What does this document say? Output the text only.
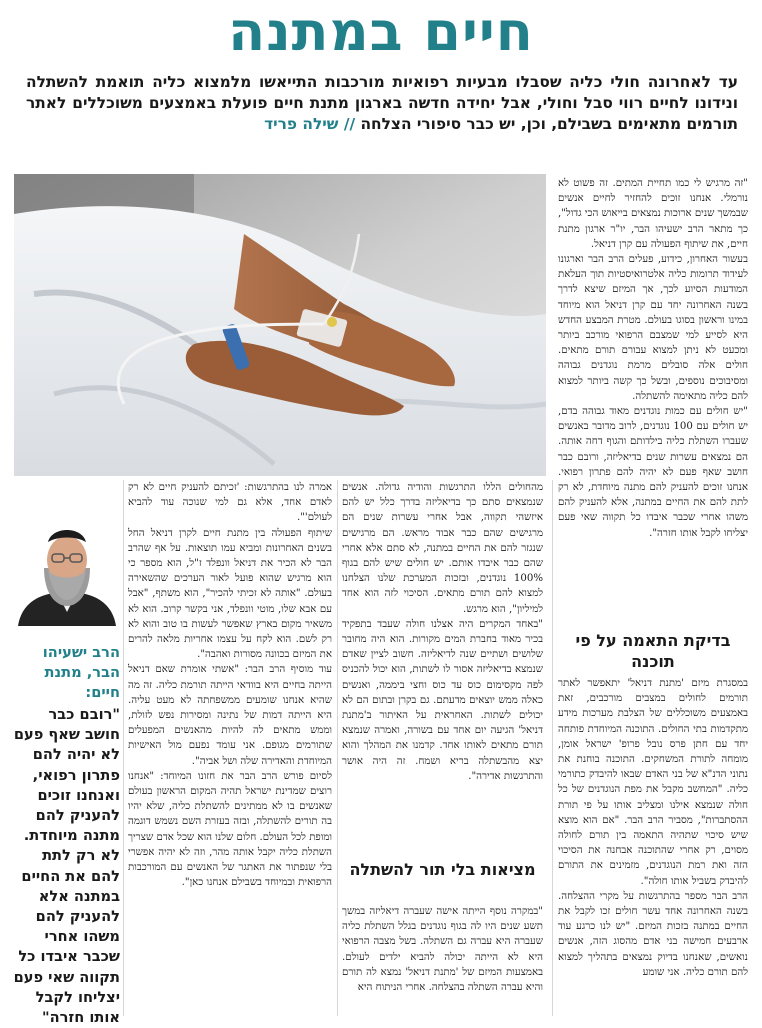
חיים במתנה
עד לאחרונה חולי כליה שסבלו מבעיות רפואיות מורכבות התייאשו מלמצוא כליה תואמת להשתלה ונידונו לחיים רווי סבל וחולי, אבל יחידה חדשה בארגון מתנת חיים פועלת באמצעים משוכללים לאתר תורמים מתאימים בשבילם, וכן, יש כבר סיפורי הצלחה // שילה פריד

"זה מרגיש לי כמו תחיית המתים. זה פשוט לא נורמלי. אנחנו זוכים להחזיר לחיים אנשים שבמשך שנים ארוכות נמצאים בייאוש הכי גדול", כך מתאר הרב ישעיהו הבר, יו"ר ארגון מתנת חיים, את שיתוף הפעולה עם קרן דניאל.

בעשור האחרון, כידוע, פעלים הרב הבר וארגונו לעידוד תרומות כליה אלטרואיסטיות תוך העלאת המודעות הסיוע לכך, אך המיזם שיצא לדרך בשנה האחרונה יחד עם קרן דניאל הוא מיוחד במינו וראשון בסוגו בעולם. מטרת המבצע החדש היא לסייע למי שמצבם הרפואי מורכב ביותר ומכעט לא ניתן למצוא עבורם תורם מתאים. חולים אלה סובלים מרמת נוגדנים גבוהה ומסיבוכים נוספים, ובשל כך קשה ביותר למצוא להם כליה מתאימה להשתלה.

"יש חולים עם כמות נוגדנים מאוד גבוהה בדם, יש חולים עם 100 נוגדנים, לרוב מדובר באנשים שעברו השתלת כליה בילדותם והגוף דחה אותה. הם נמצאים עשרות שנים בדיאליזה, ורובם כבר חושב שאף פעם לא יהיה להם פתרון רפואי. אנחנו זוכים להעניק להם מתנה מיוחדת, לא רק לתת להם את החיים במתנה, אלא להעניק להם משהו אחרי שכבר איבדו כל תקווה שאי פעם יצליחו לקבל אותו חזרה".

בדיקת התאמה על פי תוכנה

במסגרת מיזם 'מתנת דניאל' יתאפשר לאתר תורמים לחולים במצבים מורכבים, זאת באמצעים משוכללים של הצלבת מערכות מידע מתקדמות בתי החולים. התוכנה המיוחדת פותחה יחד עם חתן פרס נובל פרופ' ישראל אומן, מומחה לתורת המשחקים. התוכנה בוחנת את נתוני הדנ"א של בני האדם שבאו להיבדק כתורמי כליה. "המחשב מקבל את מפת הנוגדנים של כל חולה שנמצא אילנו ומצליב אותו על פי תורת ההסתברות", מסביר הרב הבר. "אם הוא מוצא שיש סיכוי שתהיה התאמה בין תורם לחולה מסוים, רק אחרי שהתוכנה אבחנה את הסיכוי הזה ואת רמת הנוגדנים, מזמינים את התורם להיבדק בשביל אותו חולה".

הרב הבר מספר בהתרגשות על מקרי ההצלחה. בשנה האחרונה אחד עשר חולים זכו לקבל את החיים במתנה בזכות המיזם. "יש לנו כרגע עוד ארבעים חמישה בני אדם מהסוג הזה, אנשים נואשים, שאנחנו בדיוק נמצאים בתהליך למצוא להם תורם כליה. אני שומע

מהחולים הללו התרגשות והודיה גדולה. אנשים שנמצאים סתם כך בדיאליזה בדרך כלל יש להם איזשהי תקווה, אבל אחרי עשרות שנים הם מרגישים שהם כבר אבוד מראש. הם מרגישים שנגזר להם את החיים במתנה, לא סתם אלא אחרי שהם כבר איבדו אותם. יש חולים שיש להם בגוף 100% נוגדנים, ובזכות המערכת שלנו הצלחנו למצוא להם תורם מתאים. הסיכוי לזה הוא אחד למיליון", הוא מרגש.

"באחד המקרים היה אצלנו חולה שעבד בתפקיד בכיר מאוד בחברת המים מקורות. הוא היה מחובר שלושים ושתיים שנה לדיאליזה. חשוב לציין שאדם שנמצא בדיאליזה אסור לו לשתות, הוא יכול להכניס לפה מקסימום כוס עד כוס וחצי ביממה, ואנשים כאלה ממש יוצאים מדעתם. גם בקרן ובתום הם לא יכולים לשתות. האחראית על האיתור ב'מתנת דניאל' הגיעה יום אחד עם בשורה, ואמרה שנמצא תורם מתאים לאותו אחד. קדמנו את המהלך והוא יצא מהבשתלה בריא ושמח. זה היה אושר והתרגשות אדירה".

מציאות בלי תור להשתלה

"במקרה נוסף הייתה אישה שעברה דיאליזה במשך תשע שנים היו לה בגוף נוגדנים בגלל השתלת כליה שעברה היא עברה גם השתלה. בשל מצבה הרפואי היא לא הייתה יכולה להביא ילדים לעולם. באמצעות המיזם של 'מתנת דניאל' נמצא לה תורם והיא עברה השתלה בהצלחה. אחרי הניתוח היא

אמרה לנו בהתרגשות: 'זכיתם להעניק חיים לא רק לאדם אחד, אלא גם למי שנוכה עוד להביא לעולם'".

שיתוף הפעולה בין מתנת חיים לקרן דניאל החל בשנים האחרונות ומביא עמו תוצאות. על אף שהרב הבר לא הכיר את דניאל וונפלד ז"ל, הוא מספר כי הוא מרגיש שהוא פועל לאור הערכים שהשאירה בעולם. "אותה לא זכיתי להכיר", הוא משתף, "אבל עם אבא שלו, מוטי וונפלד, אני בקשר קרוב. הוא לא משאיר מקום בארץ שאפשר לעשות בו טוב והוא לא רק לשם. הוא לקח על עצמו אחריות מלאה להרים את המיזם בכוונה מסורות ואהבה".

עוד מוסיף הרב הבר: "אשתי אומרת שאם דניאל הייתה בחיים היא בוודאי הייתה תורמת כליה. זה מה שהיא אנחנו שומעים ממשפחתה לא מעט עליה. היא הייתה דמות של נתינה ומסירות נפש לזולת, וממש מתאים לה להיות מהאנשים המפעלים שתורמים מגופם. אני עומד נפעם מול האישיות המיוחדת והאדירה שלה ושל אביה".

לסיום פורש הרב הבר את חזונו המיוחד: "אנחנו רוצים שמדינת ישראל תהיה המקום הראשון בעולם שאנשים בו לא ממתינים להשתלת כליה, שלא יהיו בה תורים להשתלה, ובזה בעזרת השם נשמש דוגמה ומופת לכל העולם. חלום שלנו הוא שכל אדם שצריך השתלת כליה יקבל אותה מהר, וזה לא יהיה אפשרי בלי שנפתור את האתגר של האנשים עם המורכבות הרפואית ובמיוחד בשבילם אנחנו כאן".

הרב ישעיהו הבר, מתנת חיים:
"רובם כבר חושב שאף פעם לא יהיה להם פתרון רפואי, ואנחנו זוכים להעניק להם מתנה מיוחדת. לא רק לתת להם את החיים במתנה אלא להעניק להם משהו אחרי שכבר איבדו כל תקווה שאי פעם יצליחו לקבל אותו חזרה"
